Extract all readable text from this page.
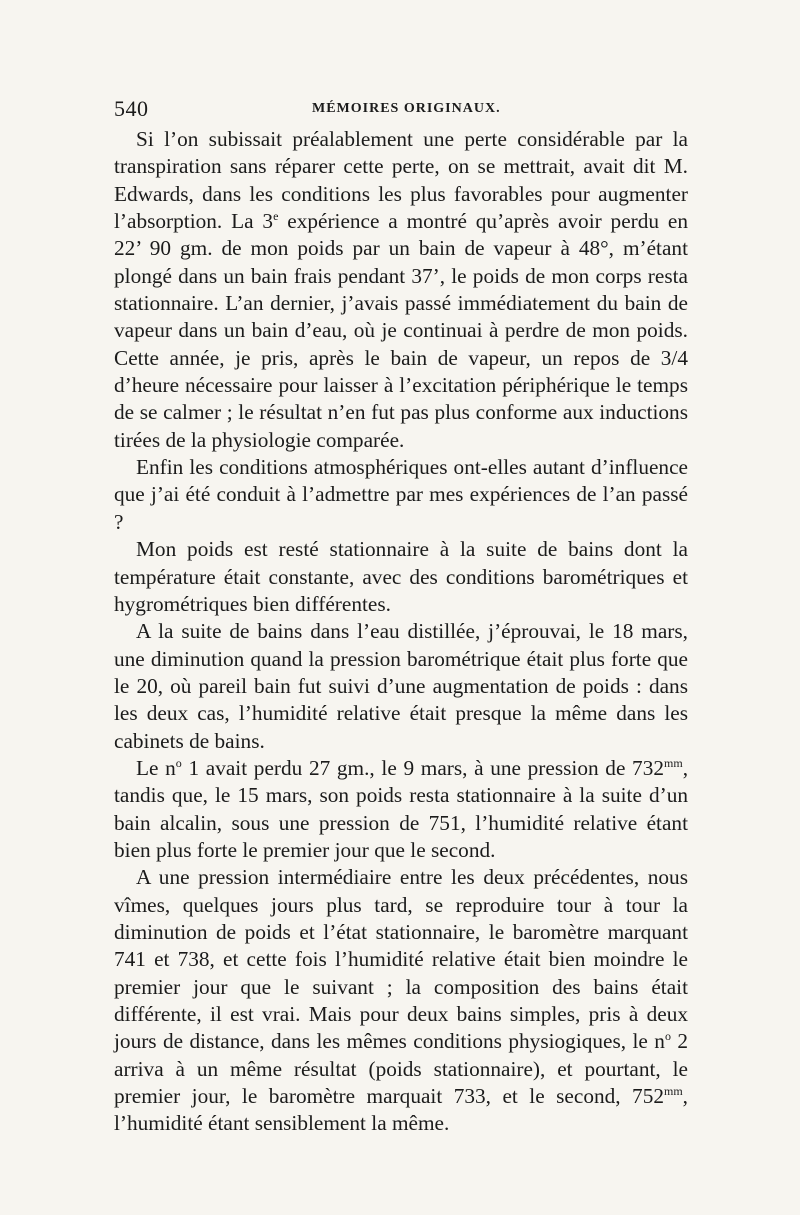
540	MÉMOIRES ORIGINAUX.

Si l’on subissait préalablement une perte considérable par la transpiration sans réparer cette perte, on se mettrait, avait dit M. Edwards, dans les conditions les plus favorables pour augmenter l’absorption. La 3e expérience a montré qu’après avoir perdu en 22’ 90 gm. de mon poids par un bain de vapeur à 48°, m’étant plongé dans un bain frais pendant 37’, le poids de mon corps resta stationnaire. L’an dernier, j’avais passé immédiatement du bain de vapeur dans un bain d’eau, où je continuai à perdre de mon poids. Cette année, je pris, après le bain de vapeur, un repos de 3/4 d’heure nécessaire pour laisser à l’excitation périphérique le temps de se calmer ; le résultat n’en fut pas plus conforme aux inductions tirées de la physiologie comparée.

Enfin les conditions atmosphériques ont-elles autant d’influence que j’ai été conduit à l’admettre par mes expériences de l’an passé ?

Mon poids est resté stationnaire à la suite de bains dont la température était constante, avec des conditions barométriques et hygrométriques bien différentes.

A la suite de bains dans l’eau distillée, j’éprouvai, le 18 mars, une diminution quand la pression barométrique était plus forte que le 20, où pareil bain fut suivi d’une augmentation de poids : dans les deux cas, l’humidité relative était presque la même dans les cabinets de bains.

Le $n^o$ 1 avait perdu 27 gm., le 9 mars, à une pression de $732^{mm}$, tandis que, le 15 mars, son poids resta stationnaire à la suite d’un bain alcalin, sous une pression de 751, l’humidité relative étant bien plus forte le premier jour que le second.

A une pression intermédiaire entre les deux précédentes, nous vîmes, quelques jours plus tard, se reproduire tour à tour la diminution de poids et l’état stationnaire, le baromètre marquant 741 et 738, et cette fois l’humidité relative était bien moindre le premier jour que le suivant ; la composition des bains était différente, il est vrai. Mais pour deux bains simples, pris à deux jours de distance, dans les mêmes conditions physiogiques, le $n^o$ 2 arriva à un même résultat (poids stationnaire), et pourtant, le premier jour, le baromètre marquait 733, et le second, $752^{mm}$, l’humidité étant sensiblement la même.
